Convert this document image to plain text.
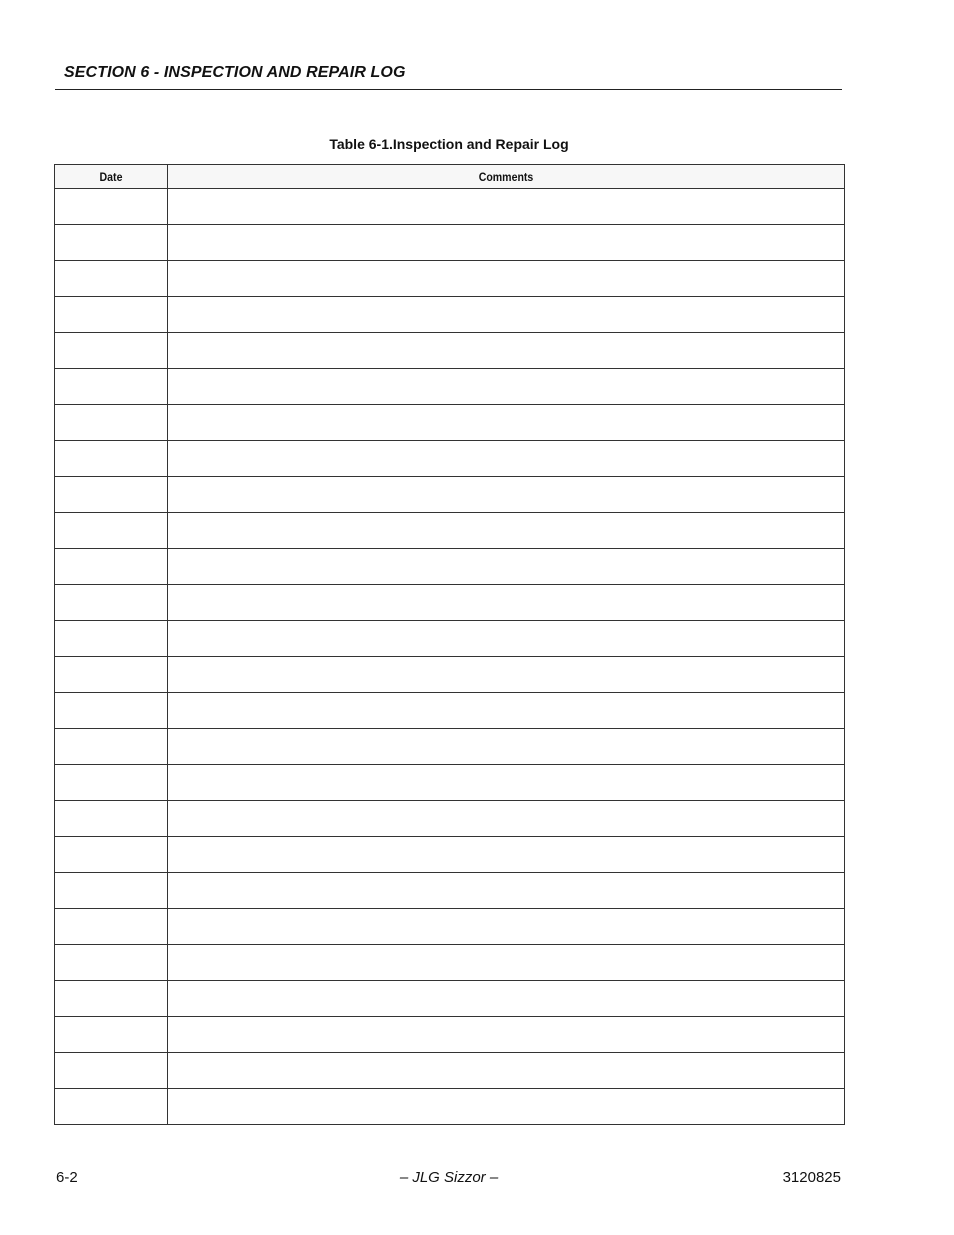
SECTION 6 - INSPECTION AND REPAIR LOG
Table 6-1.Inspection and Repair Log
Date	Comments

6-2	– JLG Sizzor –	3120825
